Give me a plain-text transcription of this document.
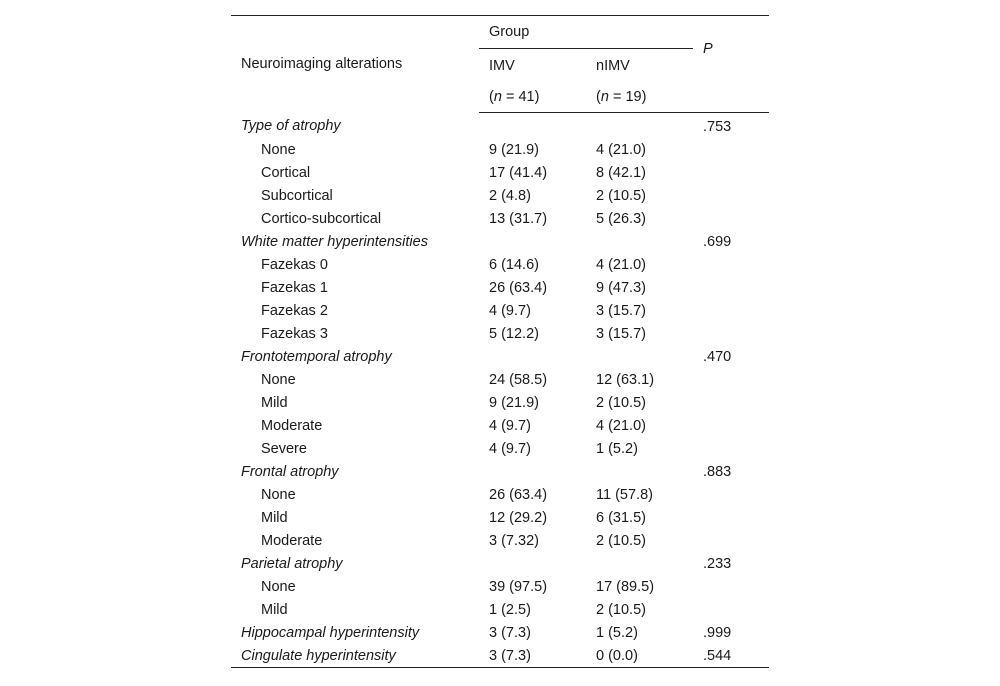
Neuroimaging alterations	Group		P
	IMV	nIMV	
	(n = 41)	(n = 19)	
Type of atrophy			.753
None	9 (21.9)	4 (21.0)	
Cortical	17 (41.4)	8 (42.1)	
Subcortical	2 (4.8)	2 (10.5)	
Cortico-subcortical	13 (31.7)	5 (26.3)	
White matter hyperintensities			.699
Fazekas 0	6 (14.6)	4 (21.0)	
Fazekas 1	26 (63.4)	9 (47.3)	
Fazekas 2	4 (9.7)	3 (15.7)	
Fazekas 3	5 (12.2)	3 (15.7)	
Frontotemporal atrophy			.470
None	24 (58.5)	12 (63.1)	
Mild	9 (21.9)	2 (10.5)	
Moderate	4 (9.7)	4 (21.0)	
Severe	4 (9.7)	1 (5.2)	
Frontal atrophy			.883
None	26 (63.4)	11 (57.8)	
Mild	12 (29.2)	6 (31.5)	
Moderate	3 (7.32)	2 (10.5)	
Parietal atrophy			.233
None	39 (97.5)	17 (89.5)	
Mild	1 (2.5)	2 (10.5)	
Hippocampal hyperintensity	3 (7.3)	1 (5.2)	.999
Cingulate hyperintensity	3 (7.3)	0 (0.0)	.544
